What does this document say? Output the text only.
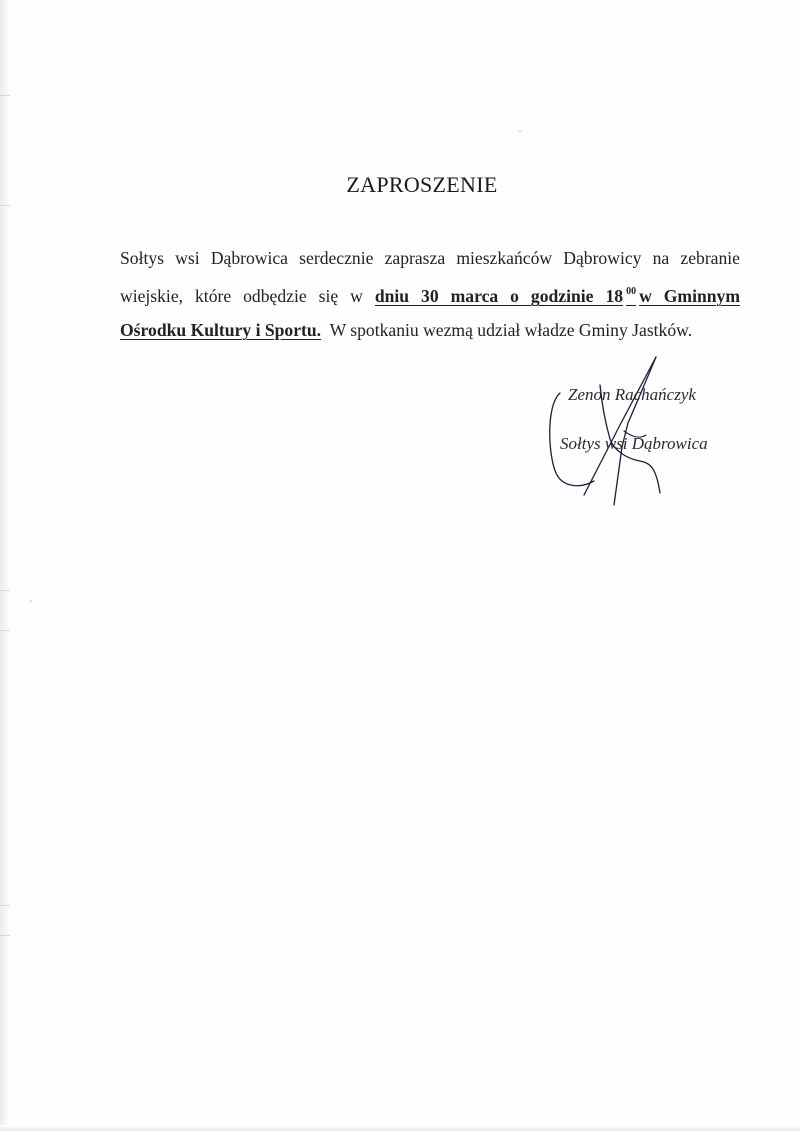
ZAPROSZENIE
Sołtys wsi Dąbrowica serdecznie zaprasza mieszkańców Dąbrowicy na zebranie
wiejskie, które odbędzie się w dniu 30 marca o godzinie 18 $^{00}$ w Gminnym
Ośrodku Kultury i Sportu. W spotkaniu wezmą udział władze Gminy Jastków.
Zenon Rachańczyk
Sołtys wsi Dąbrowica
